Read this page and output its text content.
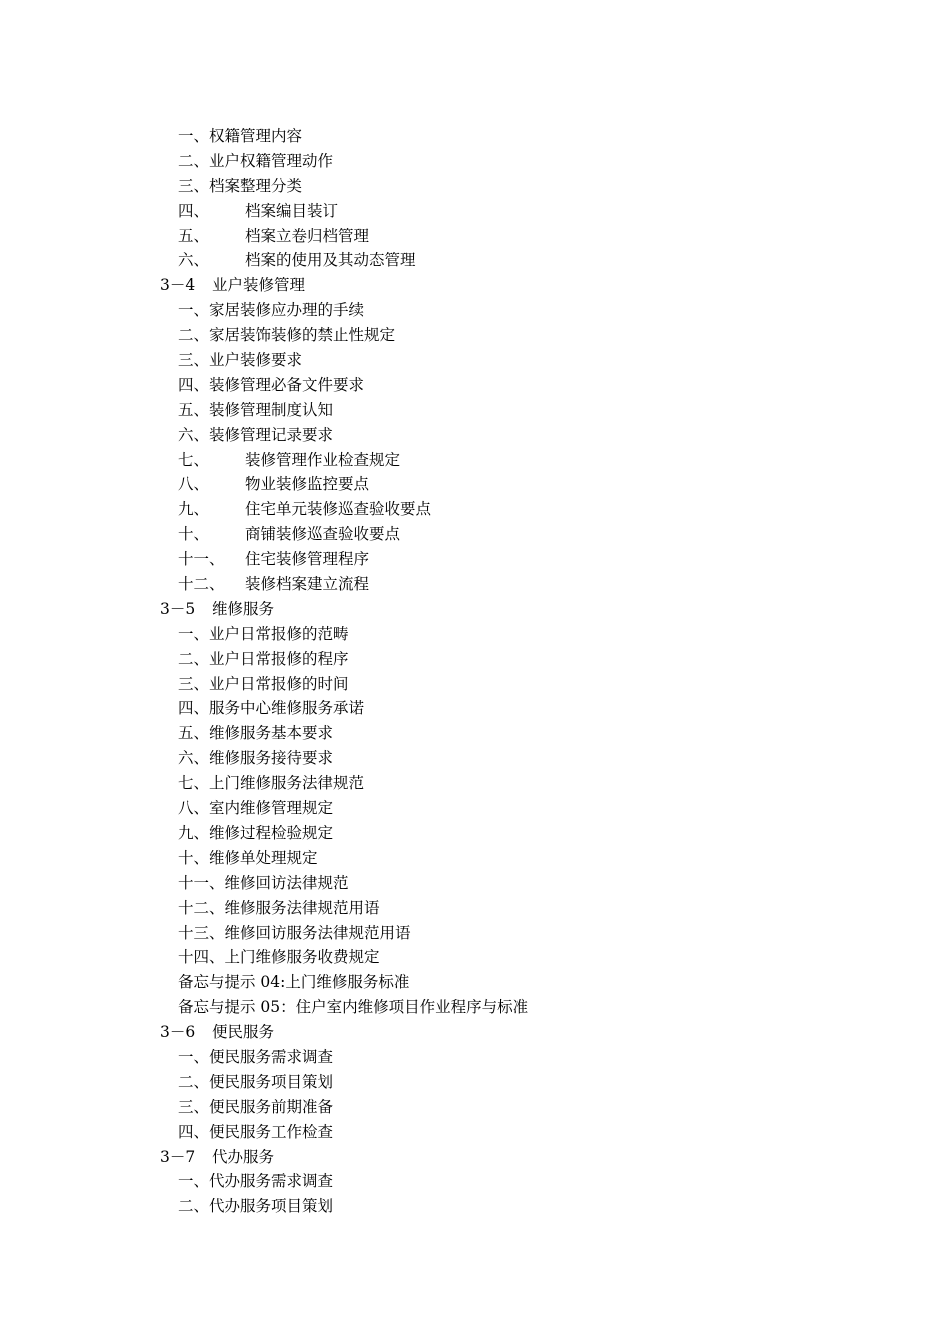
一、权籍管理内容
二、业户权籍管理动作
三、档案整理分类
四、 档案编目装订
五、 档案立卷归档管理
六、 档案的使用及其动态管理
3－4 业户装修管理
一、家居装修应办理的手续
二、家居装饰装修的禁止性规定
三、业户装修要求
四、装修管理必备文件要求
五、装修管理制度认知
六、装修管理记录要求
七、 装修管理作业检查规定
八、 物业装修监控要点
九、 住宅单元装修巡查验收要点
十、 商铺装修巡查验收要点
十一、 住宅装修管理程序
十二、 装修档案建立流程
3－5 维修服务
一、业户日常报修的范畴
二、业户日常报修的程序
三、业户日常报修的时间
四、服务中心维修服务承诺
五、维修服务基本要求
六、维修服务接待要求
七、上门维修服务法律规范
八、室内维修管理规定
九、维修过程检验规定
十、维修单处理规定
十一、维修回访法律规范
十二、维修服务法律规范用语
十三、维修回访服务法律规范用语
十四、上门维修服务收费规定
备忘与提示 04:上门维修服务标准
备忘与提示 05：住户室内维修项目作业程序与标准
3－6 便民服务
一、便民服务需求调查
二、便民服务项目策划
三、便民服务前期准备
四、便民服务工作检查
3－7 代办服务
一、代办服务需求调查
二、代办服务项目策划
